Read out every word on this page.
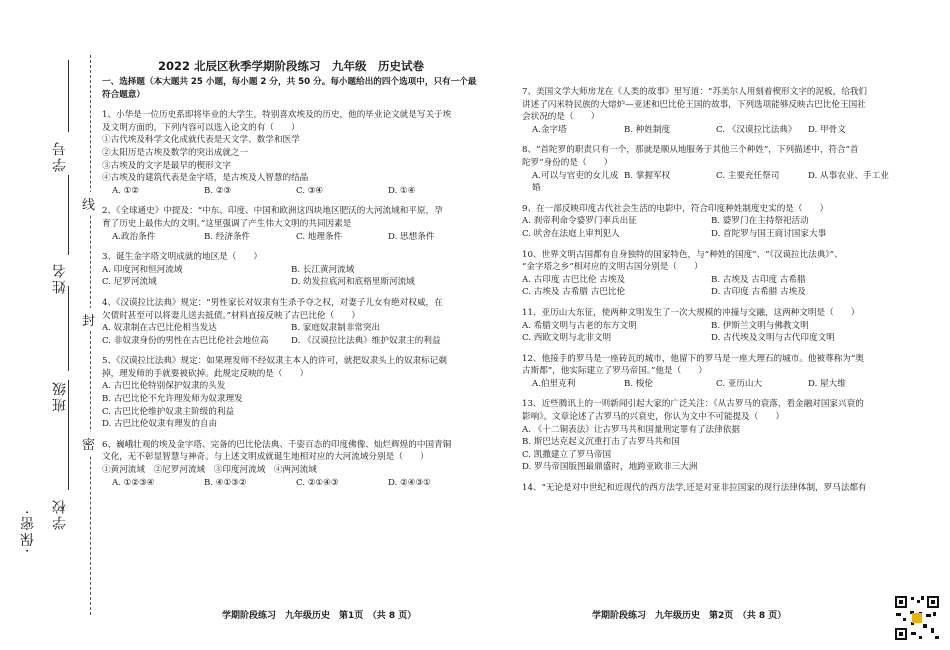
·保密· 学校
班级
姓名
学号
密
封
线
2022 北辰区秋季学期阶段练习　九年级　历史试卷
一、选择题（本大题共 25 小题，每小题 2 分，共 50 分。每小题给出的四个选项中，只有一个最符合题意）
1、小华是一位历史系即将毕业的大学生，特别喜欢埃及的历史，他的毕业论文就是写关于埃
及文明方面的，下列内容可以选入论文的有（　　）
①古代埃及科学文化成就代表是天文学、数学和医学
②太阳历是古埃及数学的突出成就之一
③古埃及的文字是最早的楔形文字
④古埃及的建筑代表是金字塔，是古埃及人智慧的结晶
A. ①②	B. ②③	C. ③④	D. ①④
2、《全球通史》中提及：“中东、印度、中国和欧洲这四块地区肥沃的大河流域和平原，孕
育了历史上最伟大的文明。”这里强调了产生伟大文明的共同因素是
A.政治条件	B. 经济条件	C. 地理条件	D. 思想条件
3、诞生金字塔文明成就的地区是（　　）
A. 印度河和恒河流域	B. 长江黄河流域
C. 尼罗河流域	D. 幼发拉底河和底格里斯河流域
4、《汉谟拉比法典》规定：“男性家长对奴隶有生杀予夺之权，对妻子儿女有绝对权威，在
欠债时甚至可以将妻儿送去抵债。”材料直接反映了古巴比伦（　　）
A. 奴隶制在古巴比伦相当发达	B. 家庭奴隶制非常突出
C. 非奴隶身份的男性在古巴比伦社会地位高	D. 《汉谟拉比法典》维护奴隶主的利益
5、《汉谟拉比法典》规定：如果理发师不经奴隶主本人的许可，就把奴隶头上的奴隶标记剃
掉，理发师的手就要被砍掉。此规定反映的是（　　）
A. 古巴比伦特别保护奴隶的头发
B. 古巴比伦不允许理发师为奴隶理发
C. 古巴比伦维护奴隶主阶级的利益
D. 古巴比伦奴隶有理发的自由
6、巍峨壮观的埃及金字塔、完备的巴比伦法典、千姿百态的印度佛像、灿烂辉煌的中国青铜
文化，无不彰显智慧与神奇。与上述文明成就诞生地相对应的大河流域分别是（　　）
①黄河流域　②尼罗河流域　③印度河流域　④两河流域
A. ①②③④	B. ④①③②	C. ②①④③	D. ②④③①
7、美国文学大师房龙在《人类的故事》里写道：“苏美尔人用刻着楔形文字的泥板，给我们
讲述了闪米特民族的大熔炉—亚述和巴比伦王国的故事，下列选项能够反映古巴比伦王国社
会状况的是（　　）
A.金字塔	B. 种姓制度	C. 《汉谟拉比法典》	D. 甲骨文
8、“首陀罗的职责只有一个，那就是顺从地服务于其他三个种姓”，下列描述中，符合”首
陀罗”身份的是（　　）
A.可以与官吏的女儿成婚
B. 掌握军权	C. 主要充任祭司	D. 从事农业、手工业
9、在一部反映印度古代社会生活的电影中，符合印度种姓制度史实的是（　　）
A. 刹帝利命令婆罗门率兵出征	B. 婆罗门在主持祭祀活动
C. 吠舍在法庭上审判犯人	D. 首陀罗与国王商讨国家大事
10、世界文明古国都有自身独特的国家特色，与“种姓的国度”、“《汉谟拉比法典》”、
“金字塔之乡”相对应的文明古国分别是（　　）
A. 古印度 古巴比伦 古埃及	B. 古埃及 古印度 古希腊
C. 古埃及 古希腊 古巴比伦	D. 古印度 古希腊 古埃及
11、亚历山大东征，使两种文明发生了一次大规模的冲撞与交融，这两种文明是（　　）
A. 希腊文明与古老的东方文明	B. 伊斯兰文明与佛教文明
C. 西欧文明与北非文明	D. 古代埃及文明与古代印度文明
12、他接手的罗马是一座砖瓦的城市，他留下的罗马是一座大理石的城市。他被尊称为“奥
古斯都”，他实际建立了罗马帝国。”他是（　　）
A.伯里克利	B. 梭伦	C. 亚历山大	D. 屋大维
13、近些腾讯上的一则新闻引起大家的广泛关注：《从古罗马的衰落，看金融对国家兴衰的
影响》。文章论述了古罗马的兴衰史，你认为文中不可能提及（　　）
A. 《十二铜表法》让古罗马共和国量刑定罪有了法律依据
B. 斯巴达克起义沉重打击了古罗马共和国
C. 凯撒建立了罗马帝国
D. 罗马帝国版图最鼎盛时，地跨亚欧非三大洲
14、“无论是对中世纪和近现代的西方法学,还是对亚非拉国家的现行法律体制，罗马法都有
学期阶段练习　九年级历史　第1页　（共 8 页）	学期阶段练习　九年级历史　第2页　（共 8 页）
